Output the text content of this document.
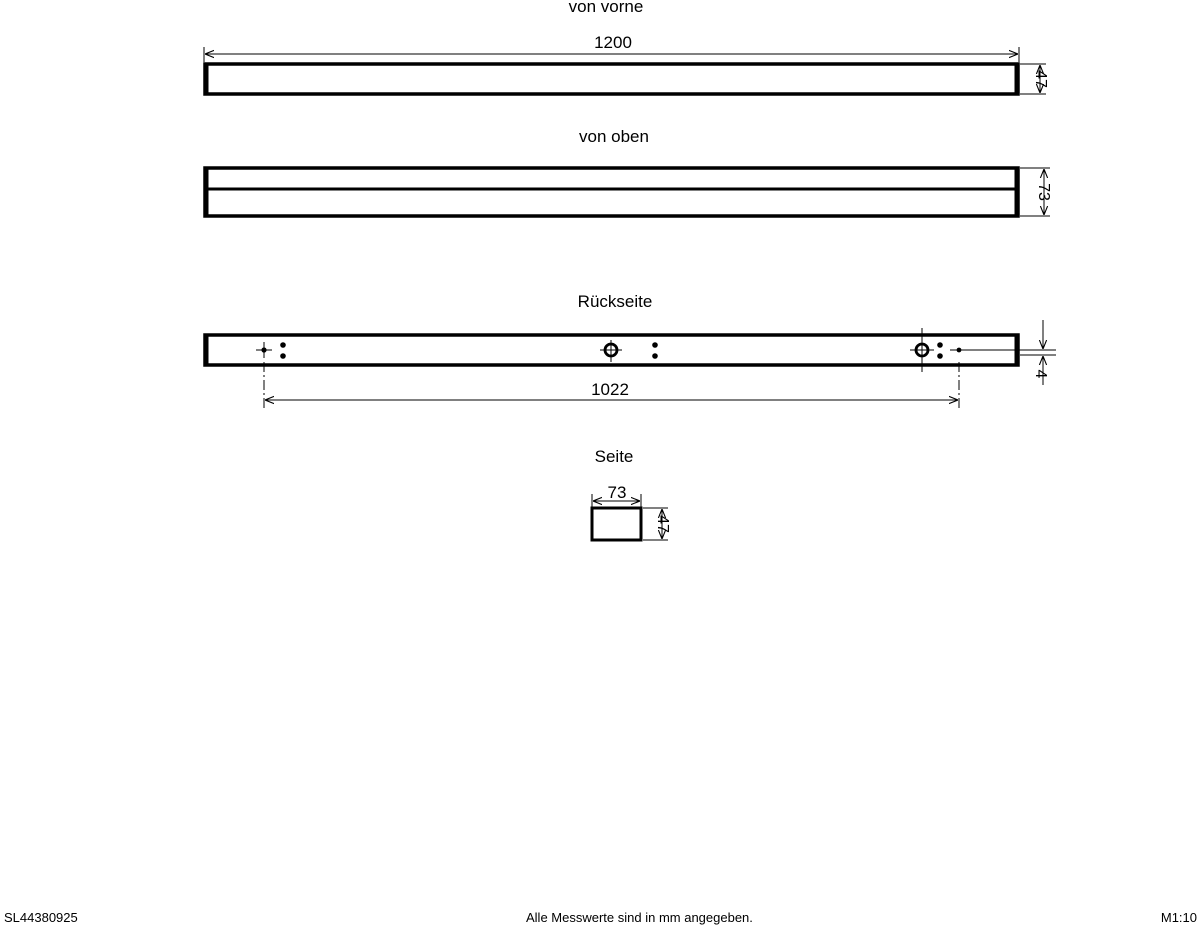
von vorne
1200
47
von oben
73
Rückseite
1022
4
Seite
73
47
SL44380925	Alle Messwerte sind in mm angegeben.	M1:10
